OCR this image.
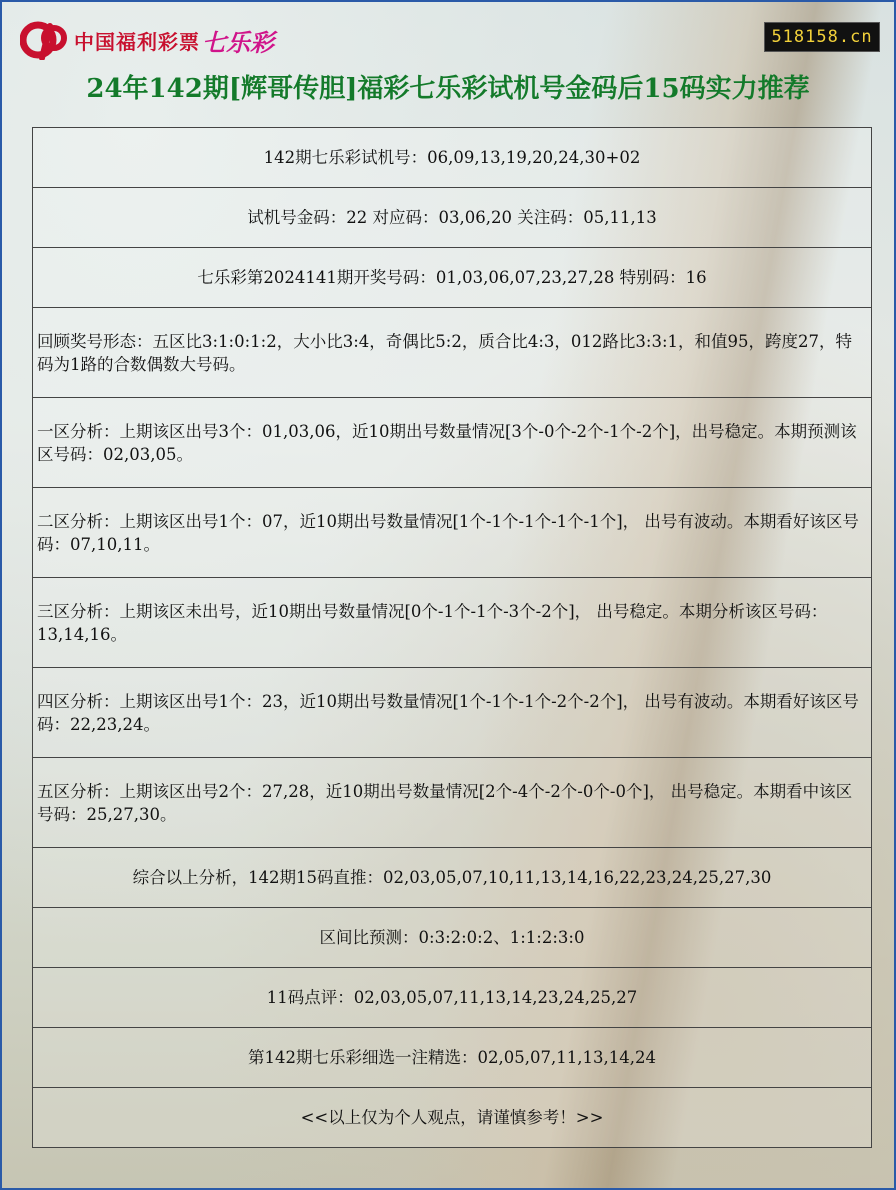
中国福利彩票 七乐彩	518158.cn
24年142期[辉哥传胆]福彩七乐彩试机号金码后15码实力推荐
142期七乐彩试机号：06,09,13,19,20,24,30+02
试机号金码：22 对应码：03,06,20 关注码：05,11,13
七乐彩第2024141期开奖号码：01,03,06,07,23,27,28 特别码：16
回顾奖号形态：五区比3:1:0:1:2，大小比3:4，奇偶比5:2，质合比4:3，012路比3:3:1，和值95，跨度27，特码为1路的合数偶数大号码。
一区分析：上期该区出号3个：01,03,06，近10期出号数量情况[3个-0个-2个-1个-2个]，出号稳定。本期预测该区号码：02,03,05。
二区分析：上期该区出号1个：07，近10期出号数量情况[1个-1个-1个-1个-1个]， 出号有波动。本期看好该区号码：07,10,11。
三区分析：上期该区未出号，近10期出号数量情况[0个-1个-1个-3个-2个]， 出号稳定。本期分析该区号码：13,14,16。
四区分析：上期该区出号1个：23，近10期出号数量情况[1个-1个-1个-2个-2个]， 出号有波动。本期看好该区号码：22,23,24。
五区分析：上期该区出号2个：27,28，近10期出号数量情况[2个-4个-2个-0个-0个]， 出号稳定。本期看中该区号码：25,27,30。
综合以上分析，142期15码直推：02,03,05,07,10,11,13,14,16,22,23,24,25,27,30
区间比预测：0:3:2:0:2、1:1:2:3:0
11码点评：02,03,05,07,11,13,14,23,24,25,27
第142期七乐彩细选一注精选：02,05,07,11,13,14,24
<<以上仅为个人观点，请谨慎参考！>>
